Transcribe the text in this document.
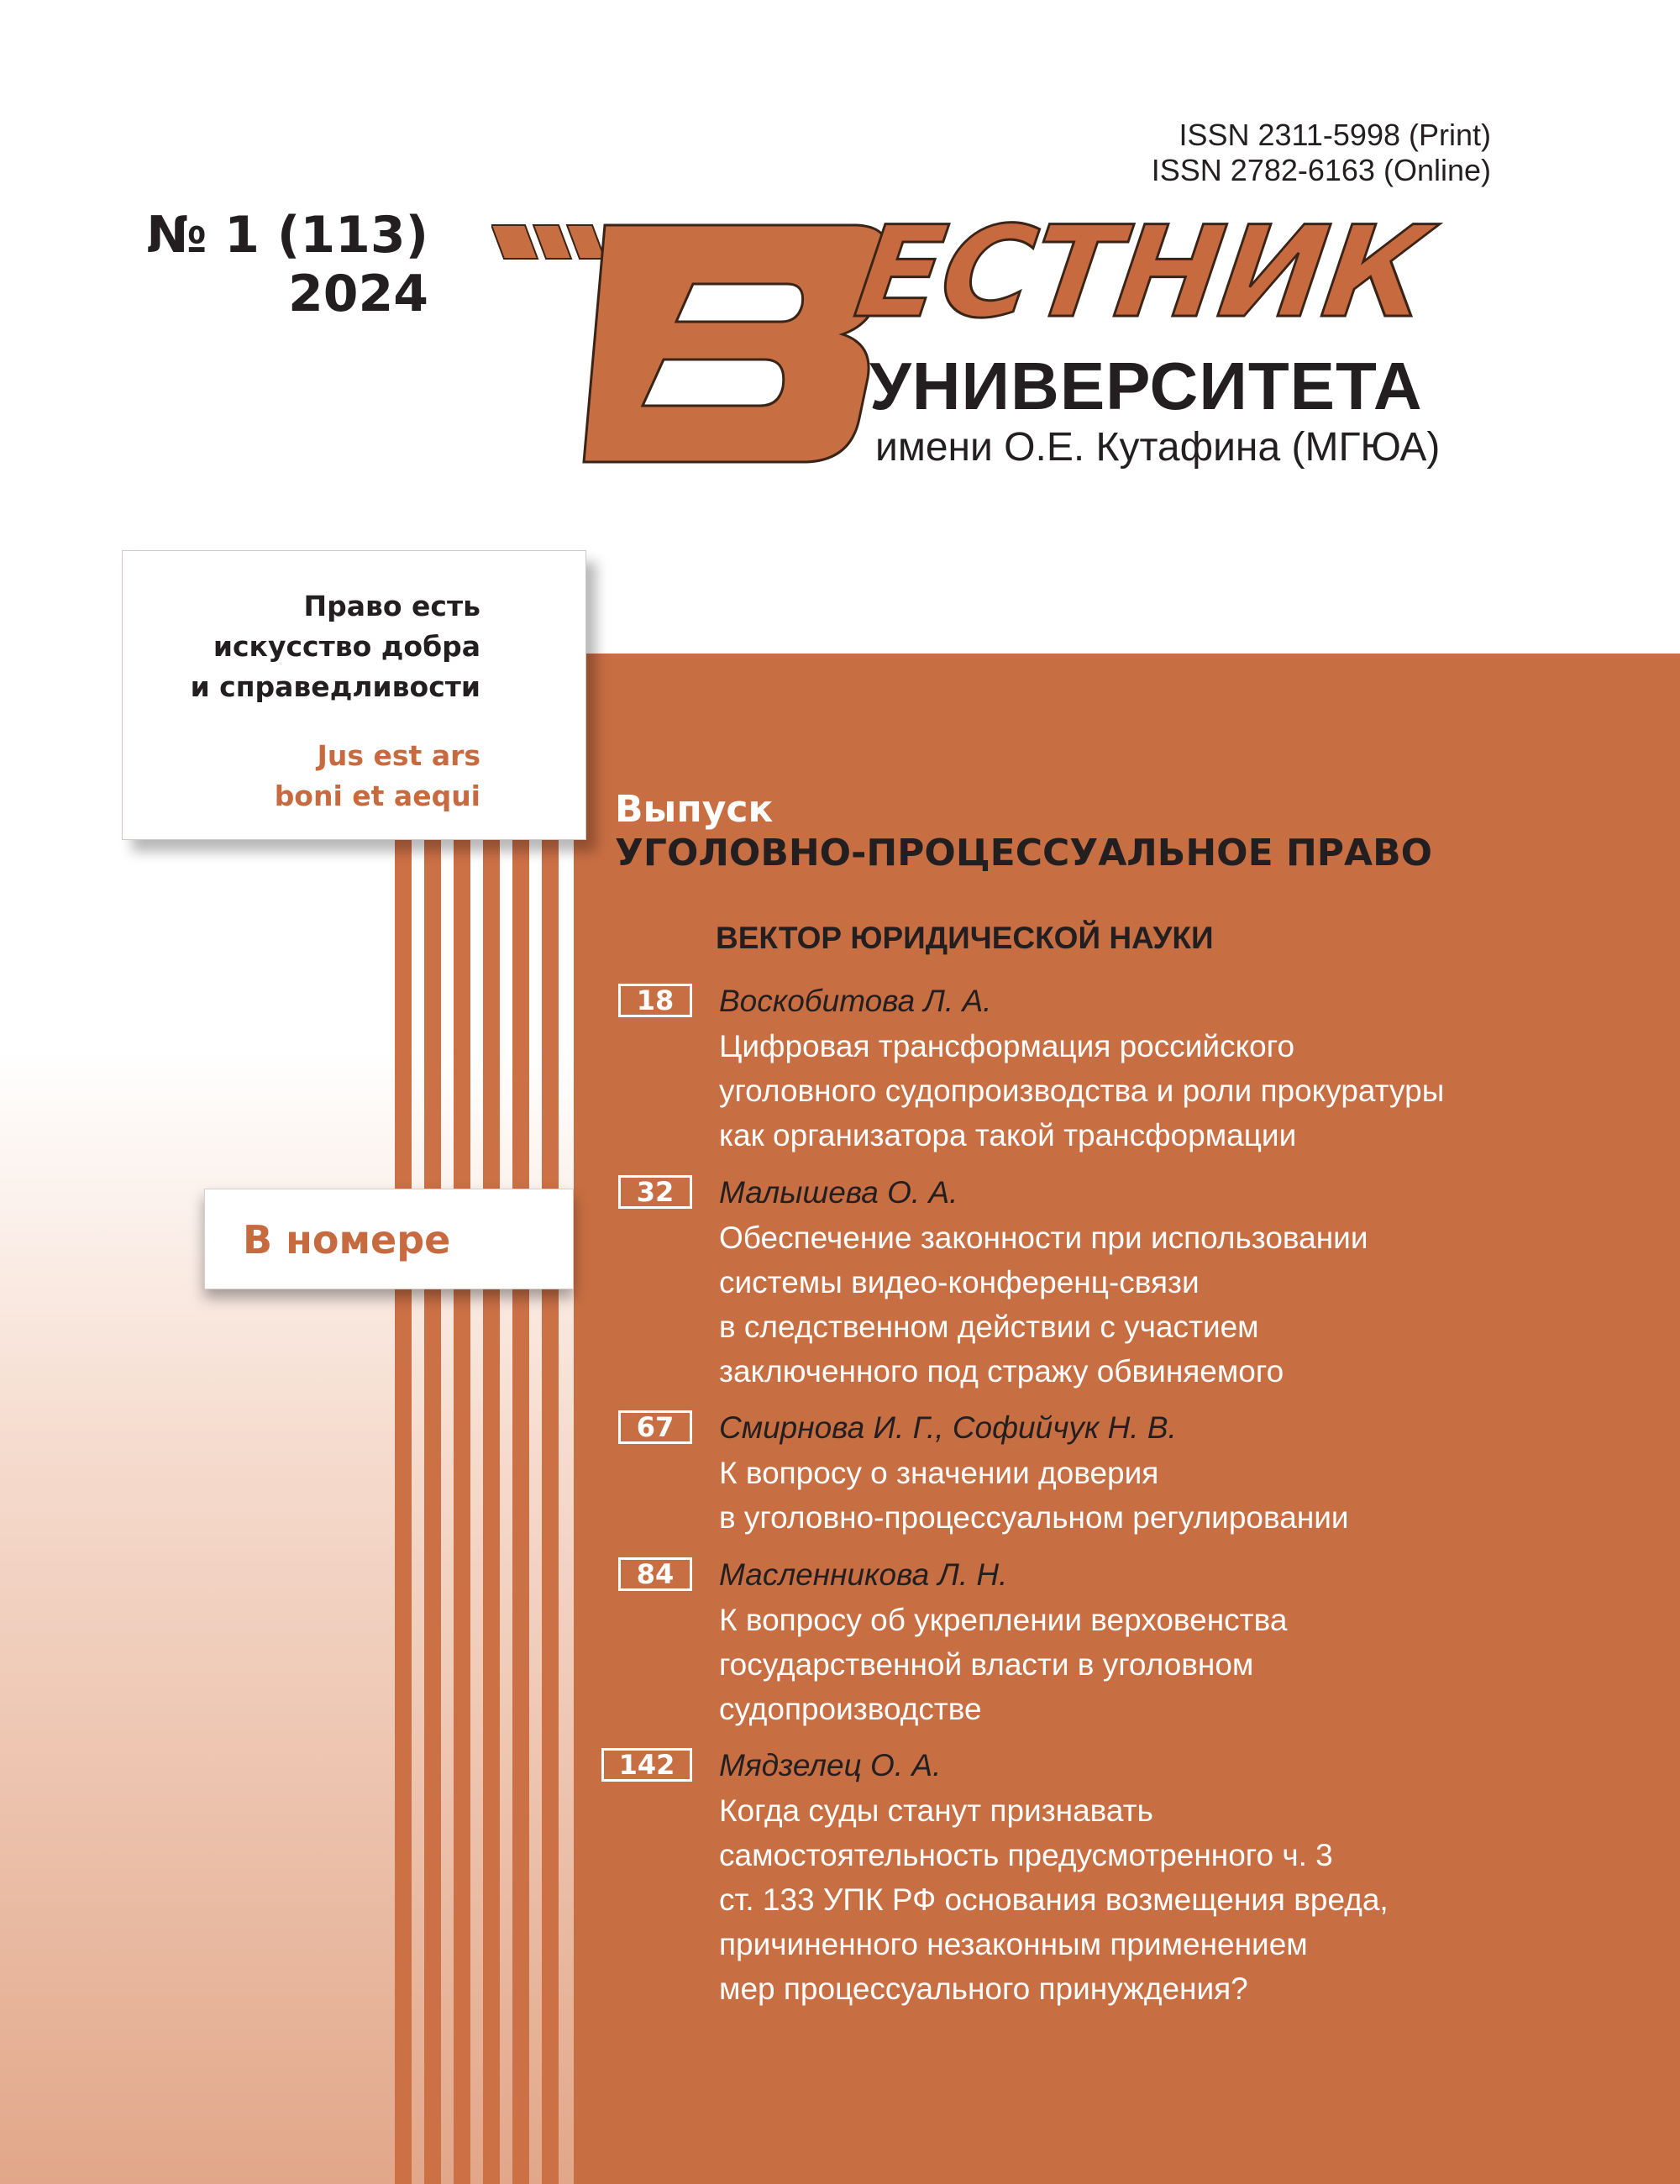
ISSN 2311-5998 (Print)
ISSN 2782-6163 (Online)
№ 1 (113)
2024	ЕСТНИК
УНИВЕРСИТЕТА
имени О.Е. Кутафина (МГЮА)
Право есть
искусство добра
и справедливости
Jus est ars
boni et aequi
В номере
Выпуск
УГОЛОВНО-ПРОЦЕССУАЛЬНОЕ ПРАВО
ВЕКТОР ЮРИДИЧЕСКОЙ НАУКИ
18	Воскобитова Л. А.
Цифровая трансформация российского
уголовного судопроизводства и роли прокуратуры
как организатора такой трансформации
32	Малышева О. А.
Обеспечение законности при использовании
системы видео-конференц-связи
в следственном действии с участием
заключенного под стражу обвиняемого
67	Смирнова И. Г., Софийчук Н. В.
К вопросу о значении доверия
в уголовно-процессуальном регулировании
84	Масленникова Л. Н.
К вопросу об укреплении верховенства
государственной власти в уголовном
судопроизводстве
142	Мядзелец О. А.
Когда суды станут признавать
самостоятельность предусмотренного ч. 3
ст. 133 УПК РФ основания возмещения вреда,
причиненного незаконным применением
мер процессуального принуждения?
